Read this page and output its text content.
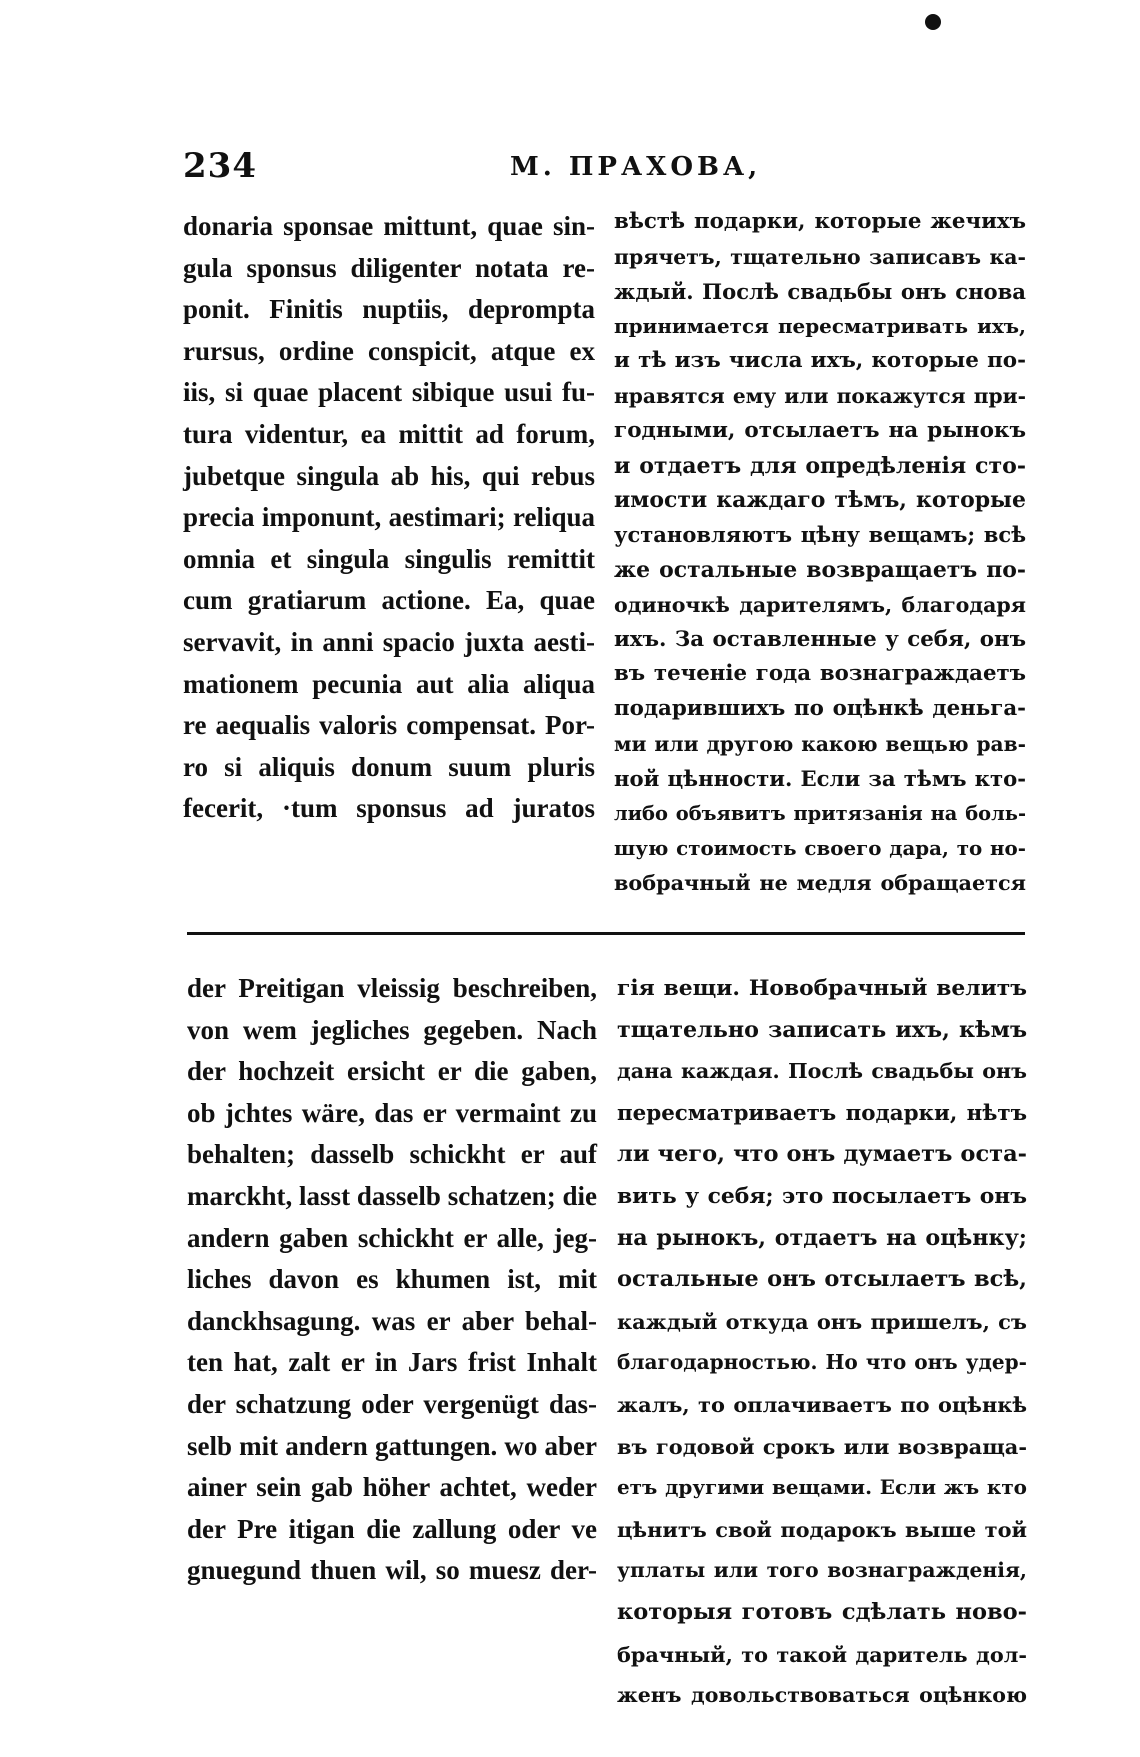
234	М. ПРАХОВА,
donaria sponsae mittunt, quae sin-
gula sponsus diligenter notata re-
ponit. Finitis nuptiis, deprompta
rursus, ordine conspicit, atque ex
iis, si quae placent sibique usui fu-
tura videntur, ea mittit ad forum,
jubetque singula ab his, qui rebus
precia imponunt, aestimari; reliqua
omnia et singula singulis remittit
cum gratiarum actione. Ea, quae
servavit, in anni spacio juxta aesti-
mationem pecunia aut alia aliqua
re aequalis valoris compensat. Por-
ro si aliquis donum suum pluris
fecerit, ·tum sponsus ad juratos
вѣстѣ подарки, которые жечихъ
прячетъ, тщательно записавъ ка-
ждый. Послѣ свадьбы онъ снова
принимается пересматривать ихъ,
и тѣ изъ числа ихъ, которые по-
нравятся ему или покажутся при-
годными, отсылаетъ на рынокъ
и отдаетъ для опредѣленія сто-
имости каждаго тѣмъ, которые
установляютъ цѣну вещамъ; всѣ
же остальные возвращаетъ по-
одиночкѣ дарителямъ, благодаря
ихъ. За оставленные у себя, онъ
въ теченіе года вознаграждаетъ
подарившихъ по оцѣнкѣ деньга-
ми или другою какою вещью рав-
ной цѣнности. Если за тѣмъ кто-
либо объявитъ притязанія на боль-
шую стоимость своего дара, то но-
вобрачный не медля обращается
der Preitigan vleissig beschreiben,
von wem jegliches gegeben. Nach
der hochzeit ersicht er die gaben,
ob jchtes wäre, das er vermaint zu
behalten; dasselb schickht er auf
marckht, lasst dasselb schatzen; die
andern gaben schickht er alle, jeg-
liches davon es khumen ist, mit
danckhsagung. was er aber behal-
ten hat, zalt er in Jars frist Inhalt
der schatzung oder vergenügt das-
selb mit andern gattungen. wo aber
ainer sein gab höher achtet, weder
der Pre itigan die zallung oder ve
gnuegund thuen wil, so muesz der-
гія вещи. Новобрачный велитъ
тщательно записать ихъ, кѣмъ
дана каждая. Послѣ свадьбы онъ
пересматриваетъ подарки, нѣтъ
ли чего, что онъ думаетъ оста-
вить у себя; это посылаетъ онъ
на рынокъ, отдаетъ на оцѣнку;
остальные онъ отсылаетъ всѣ,
каждый откуда онъ пришелъ, съ
благодарностью. Но что онъ удер-
жалъ, то оплачиваетъ по оцѣнкѣ
въ годовой срокъ или возвраща-
етъ другими вещами. Если жъ кто
цѣнитъ свой подарокъ выше той
уплаты или того вознагражденія,
которыя готовъ сдѣлать ново-
брачный, то такой даритель дол-
женъ довольствоваться оцѣнкою
